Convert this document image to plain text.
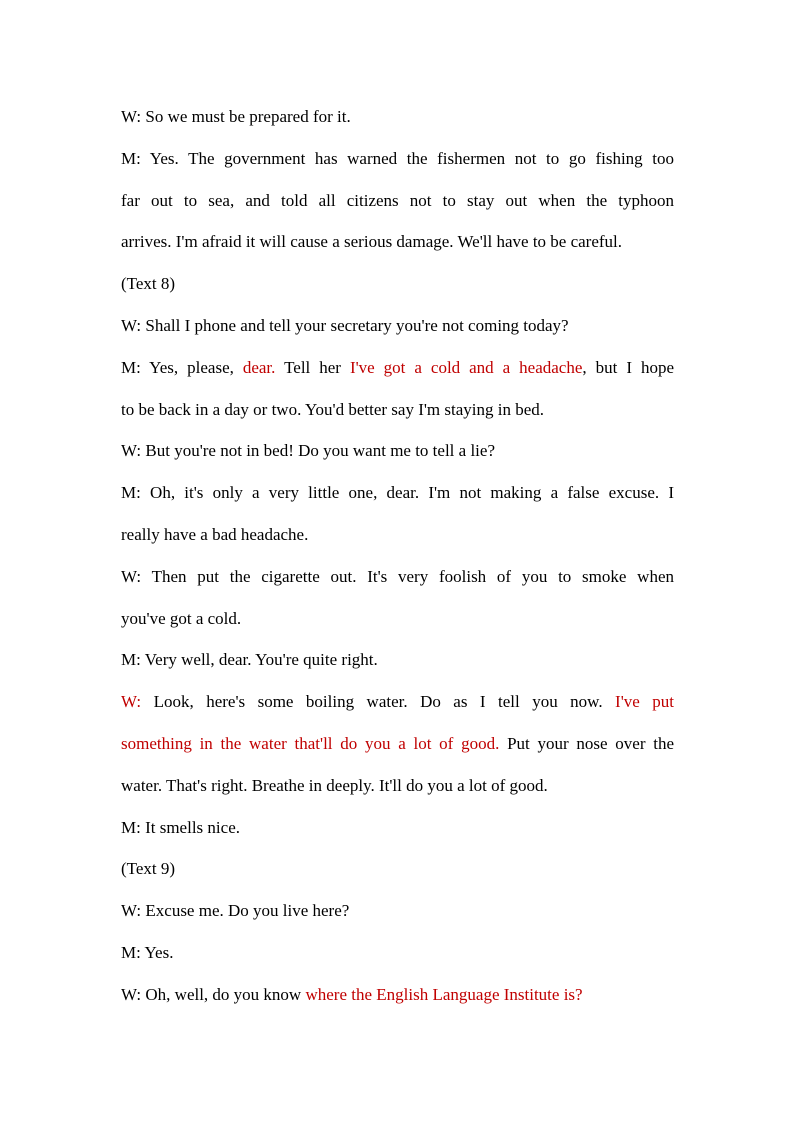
W: So we must be prepared for it.
M: Yes. The government has warned the fishermen not to go fishing too
far out to sea, and told all citizens not to stay out when the typhoon
arrives. I'm afraid it will cause a serious damage. We'll have to be careful.
(Text 8)
W: Shall I phone and tell your secretary you're not coming today?
M: Yes, please, dear. Tell her I've got a cold and a headache, but I hope
to be back in a day or two. You'd better say I'm staying in bed.
W: But you're not in bed! Do you want me to tell a lie?
M: Oh, it's only a very little one, dear. I'm not making a false excuse. I
really have a bad headache.
W: Then put the cigarette out. It's very foolish of you to smoke when
you've got a cold.
M: Very well, dear. You're quite right.
W: Look, here's some boiling water. Do as I tell you now. I've put
something in the water that'll do you a lot of good. Put your nose over the
water. That's right. Breathe in deeply. It'll do you a lot of good.
M: It smells nice.
(Text 9)
W: Excuse me. Do you live here?
M: Yes.
W: Oh, well, do you know where the English Language Institute is?
